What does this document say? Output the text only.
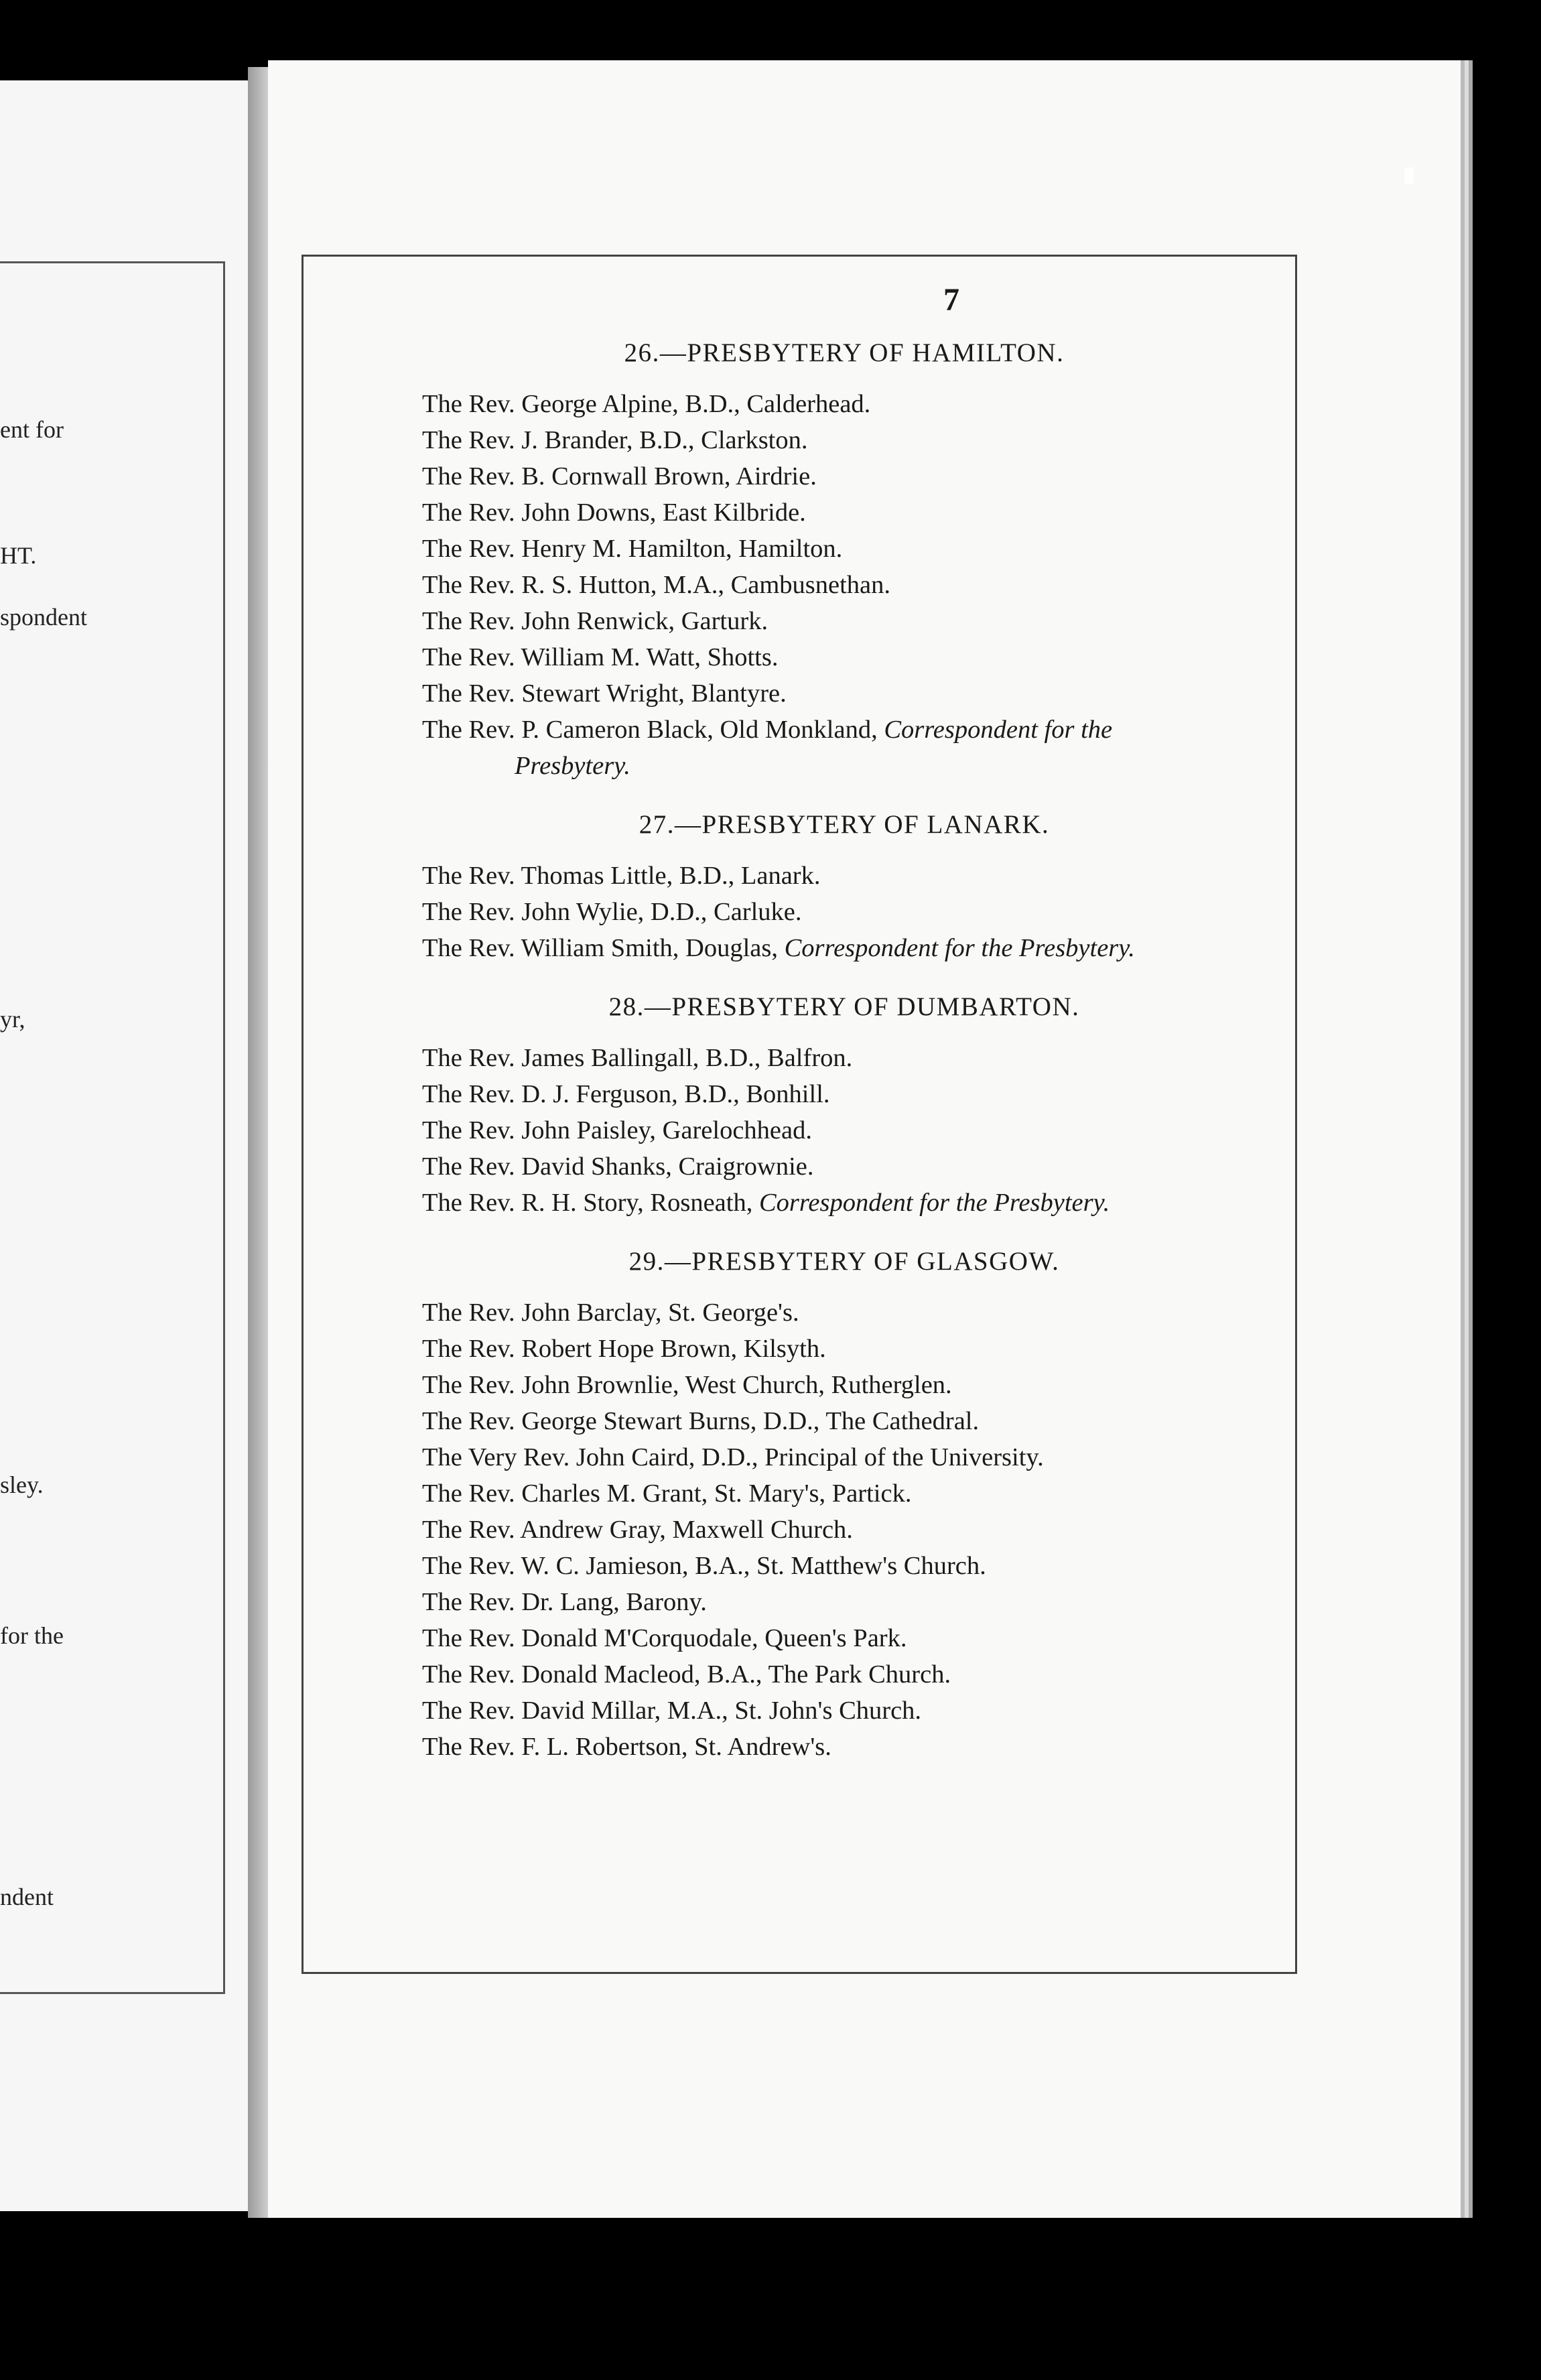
ent for
HT.
spondent
yr,
sley.
for the
ndent
7
26.—PRESBYTERY OF HAMILTON.
The Rev. George Alpine, B.D., Calderhead.
The Rev. J. Brander, B.D., Clarkston.
The Rev. B. Cornwall Brown, Airdrie.
The Rev. John Downs, East Kilbride.
The Rev. Henry M. Hamilton, Hamilton.
The Rev. R. S. Hutton, M.A., Cambusnethan.
The Rev. John Renwick, Garturk.
The Rev. William M. Watt, Shotts.
The Rev. Stewart Wright, Blantyre.
The Rev. P. Cameron Black, Old Monkland, Correspondent for the Presbytery.
27.—PRESBYTERY OF LANARK.
The Rev. Thomas Little, B.D., Lanark.
The Rev. John Wylie, D.D., Carluke.
The Rev. William Smith, Douglas, Correspondent for the Presbytery.
28.—PRESBYTERY OF DUMBARTON.
The Rev. James Ballingall, B.D., Balfron.
The Rev. D. J. Ferguson, B.D., Bonhill.
The Rev. John Paisley, Garelochhead.
The Rev. David Shanks, Craigrownie.
The Rev. R. H. Story, Rosneath, Correspondent for the Presbytery.
29.—PRESBYTERY OF GLASGOW.
The Rev. John Barclay, St. George's.
The Rev. Robert Hope Brown, Kilsyth.
The Rev. John Brownlie, West Church, Rutherglen.
The Rev. George Stewart Burns, D.D., The Cathedral.
The Very Rev. John Caird, D.D., Principal of the University.
The Rev. Charles M. Grant, St. Mary's, Partick.
The Rev. Andrew Gray, Maxwell Church.
The Rev. W. C. Jamieson, B.A., St. Matthew's Church.
The Rev. Dr. Lang, Barony.
The Rev. Donald M'Corquodale, Queen's Park.
The Rev. Donald Macleod, B.A., The Park Church.
The Rev. David Millar, M.A., St. John's Church.
The Rev. F. L. Robertson, St. Andrew's.
